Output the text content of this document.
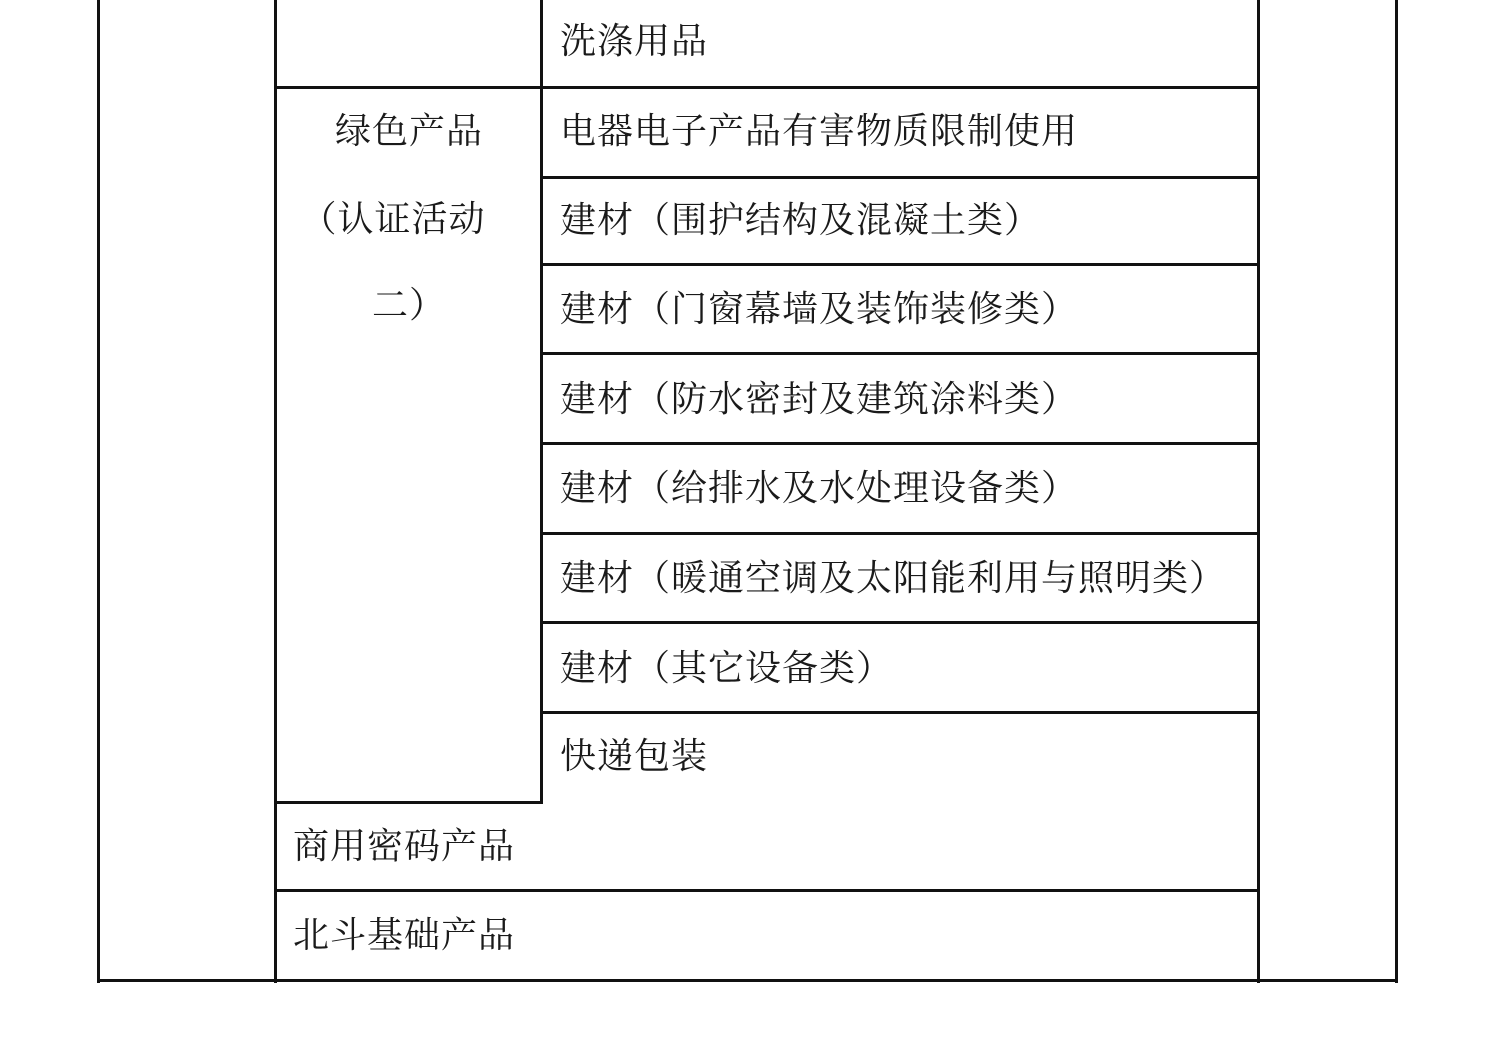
洗涤用品
绿色产品
（认证活动
二）
电器电子产品有害物质限制使用
建材（围护结构及混凝土类）
建材（门窗幕墙及装饰装修类）
建材（防水密封及建筑涂料类）
建材（给排水及水处理设备类）
建材（暖通空调及太阳能利用与照明类）
建材（其它设备类）
快递包装
商用密码产品
北斗基础产品
